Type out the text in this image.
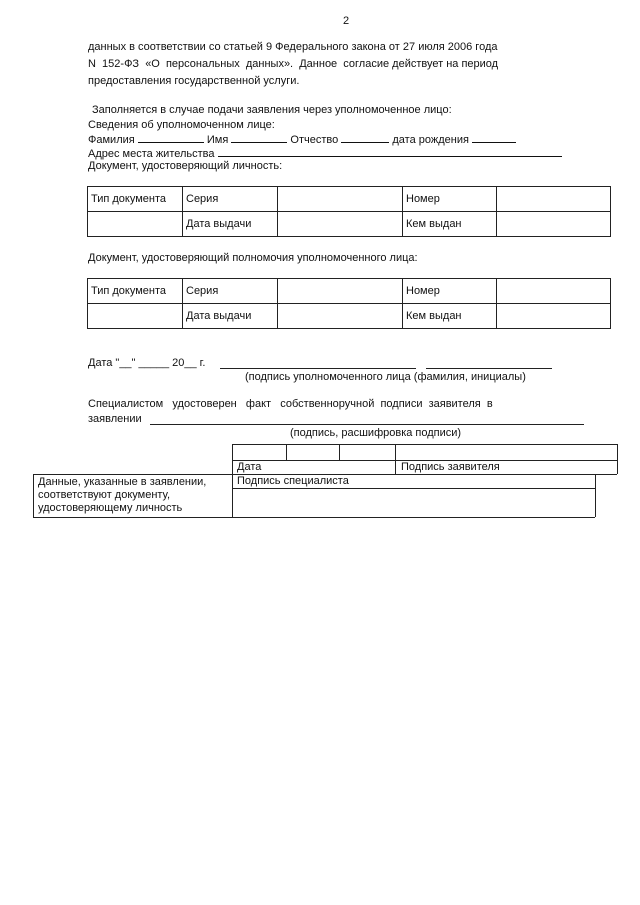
2
данных в соответствии со статьей 9 Федерального закона от 27 июля 2006 года
N  152-ФЗ  «О  персональных  данных».  Данное  согласие действует на период
предоставления государственной услуги.
Заполняется в случае подачи заявления через уполномоченное лицо:
Сведения об уполномоченном лице:
Фамилия	Имя	Отчество	дата рождения
Адрес места жительства
Документ, удостоверяющий личность:
Тип документа	Серия		Номер	
	Дата выдачи		Кем выдан	
Документ, удостоверяющий полномочия уполномоченного лица:
Тип документа	Серия		Номер	
	Дата выдачи		Кем выдан	
Дата "__" _____ 20__ г.
(подпись уполномоченного лица (фамилия, инициалы)
Специалистом   удостоверен   факт   собственноручной  подписи  заявителя  в
заявлении
(подпись, расшифровка подписи)
Дата	Подпись заявителя
Данные, указанные в заявлении,
соответствуют документу,
удостоверяющему личность
Подпись специалиста
